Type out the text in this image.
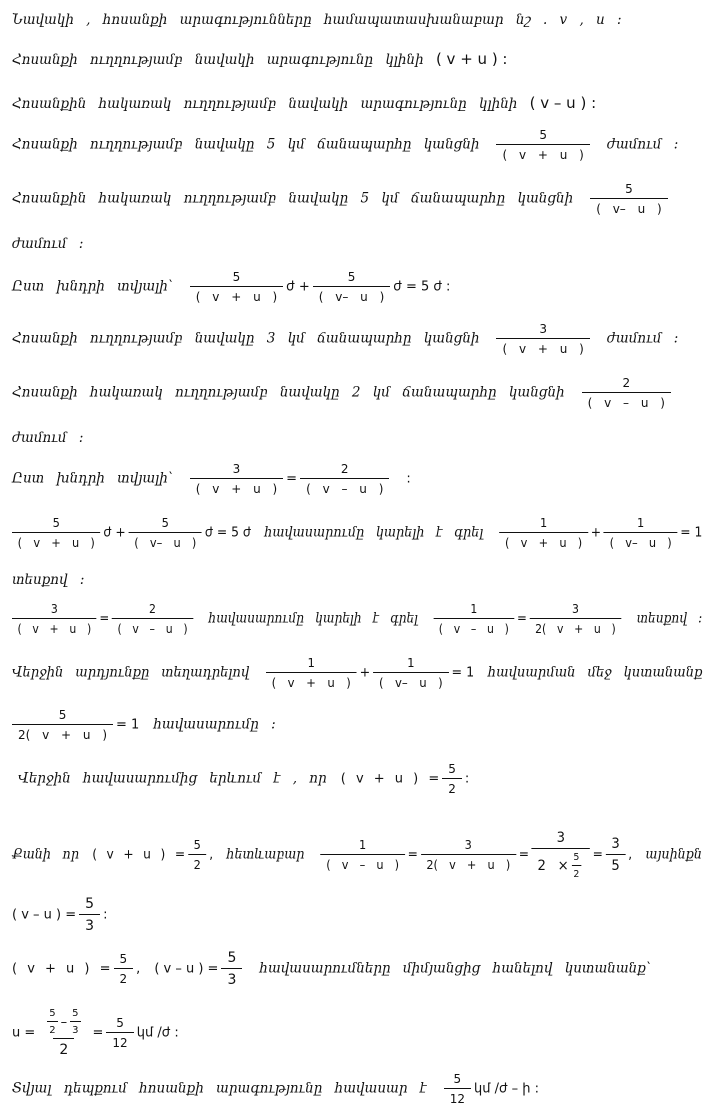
Նավակի , հոսանքի արագությունները համապատասխանաբար նշ . v , u :
Հոսանքի ուղղությամբ նավակի արագությունը կլինի ( v + u ) :
Հոսանքին հակառակ ուղղությամբ նավակի արագությունը կլինի ( v – u ) :
Հոսանքի ուղղությամբ նավակը 5 կմ ճանապարհը կանցնի $\frac{5}{( v + u )}$ ժամում :
Հոսանքին հակառակ ուղղությամբ նավակը 5 կմ ճանապարհը կանցնի $\frac{5}{( v- u )}$
ժամում :
Ըստ խնդրի տվյալի՝ $\frac{5}{( v + u )}$ ժ + $\frac{5}{( v- u )}$ ժ = 5 ժ :
Հոսանքի ուղղությամբ նավակը 3 կմ ճանապարհը կանցնի $\frac{3}{( v + u )}$ ժամում :
Հոսանքի հակառակ ուղղությամբ նավակը 2 կմ ճանապարհը կանցնի $\frac{2}{( v - u )}$
ժամում :
Ըստ խնդրի տվյալի՝ $\frac{3}{( v + u )} = \frac{2}{( v - u )}$ :
$\frac{5}{( v + u )}$ ժ + $\frac{5}{( v- u )}$ ժ = 5 ժ հավասարումը կարելի է գրել $\frac{1}{( v + u )} + \frac{1}{( v- u )} = 1$
տեսքով :
$\frac{3}{( v + u )} = \frac{2}{( v - u )}$ հավասարումը կարելի է գրել $\frac{1}{( v - u )} = \frac{3}{2( v + u )}$ տեսքով :
Վերջին արդյունքը տեղադրելով $\frac{1}{( v + u )} + \frac{1}{( v- u )} = 1$ հավսարման մեջ կստանանք
$\frac{5}{2( v + u )} = 1$ հավասարումը :
Վերջին հավասարումից երևում է , որ ( v + u ) = $\frac{5}{2}$ :
Քանի որ ( v + u ) = $\frac{5}{2}$ , հետևաբար $\frac{1}{( v - u )} = \frac{3}{2( v + u )} = \frac{3}{2 \times \frac{5}{2}} = \frac{3}{5}$ , այսինքն
( v – u ) = $\frac{5}{3}$ :
( v + u ) = $\frac{5}{2}$ , ( v – u ) = $\frac{5}{3}$ հավասարումները միմյանցից հանելով կստանանք՝
$u = \frac{\frac{5}{2} - \frac{5}{3}}{2} = \frac{5}{12}$ կմ /ժ :
Տվյալ դեպքում հոսանքի արագությունը հավասար է $\frac{5}{12}$ կմ /ժ – ի :
